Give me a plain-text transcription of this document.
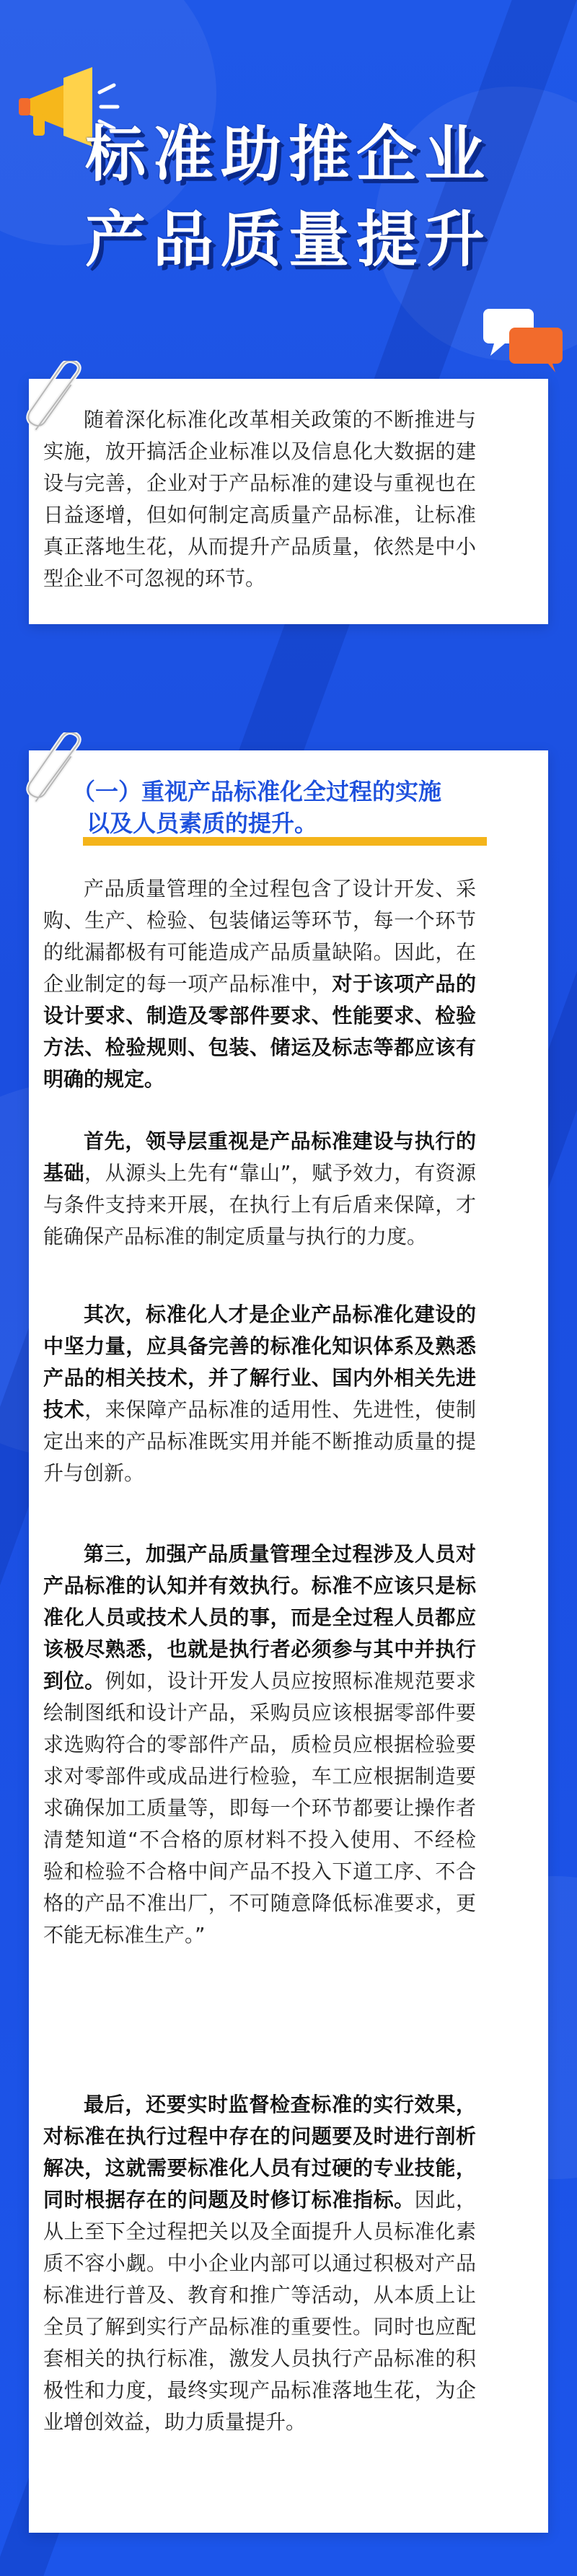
标准助推企业
产品质量提升

随着深化标准化改革相关政策的不断推进与实施，放开搞活企业标准以及信息化大数据的建设与完善，企业对于产品标准的建设与重视也在日益逐增，但如何制定高质量产品标准，让标准真正落地生花，从而提升产品质量，依然是中小型企业不可忽视的环节。

（一）重视产品标准化全过程的实施
以及人员素质的提升。

产品质量管理的全过程包含了设计开发、采购、生产、检验、包装储运等环节，每一个环节的纰漏都极有可能造成产品质量缺陷。因此，在企业制定的每一项产品标准中，对于该项产品的设计要求、制造及零部件要求、性能要求、检验方法、检验规则、包装、储运及标志等都应该有明确的规定。

首先，领导层重视是产品标准建设与执行的基础，从源头上先有“靠山”，赋予效力，有资源与条件支持来开展，在执行上有后盾来保障，才能确保产品标准的制定质量与执行的力度。

其次，标准化人才是企业产品标准化建设的中坚力量，应具备完善的标准化知识体系及熟悉产品的相关技术，并了解行业、国内外相关先进技术，来保障产品标准的适用性、先进性，使制定出来的产品标准既实用并能不断推动质量的提升与创新。

第三，加强产品质量管理全过程涉及人员对产品标准的认知并有效执行。标准不应该只是标准化人员或技术人员的事，而是全过程人员都应该极尽熟悉，也就是执行者必须参与其中并执行到位。例如，设计开发人员应按照标准规范要求绘制图纸和设计产品，采购员应该根据零部件要求选购符合的零部件产品，质检员应根据检验要求对零部件或成品进行检验，车工应根据制造要求确保加工质量等，即每一个环节都要让操作者清楚知道“不合格的原材料不投入使用、不经检验和检验不合格中间产品不投入下道工序、不合格的产品不准出厂，不可随意降低标准要求，更不能无标准生产。”

最后，还要实时监督检查标准的实行效果，对标准在执行过程中存在的问题要及时进行剖析解决，这就需要标准化人员有过硬的专业技能，同时根据存在的问题及时修订标准指标。因此，从上至下全过程把关以及全面提升人员标准化素质不容小觑。中小企业内部可以通过积极对产品标准进行普及、教育和推广等活动，从本质上让全员了解到实行产品标准的重要性。同时也应配套相关的执行标准，激发人员执行产品标准的积极性和力度，最终实现产品标准落地生花，为企业增创效益，助力质量提升。
